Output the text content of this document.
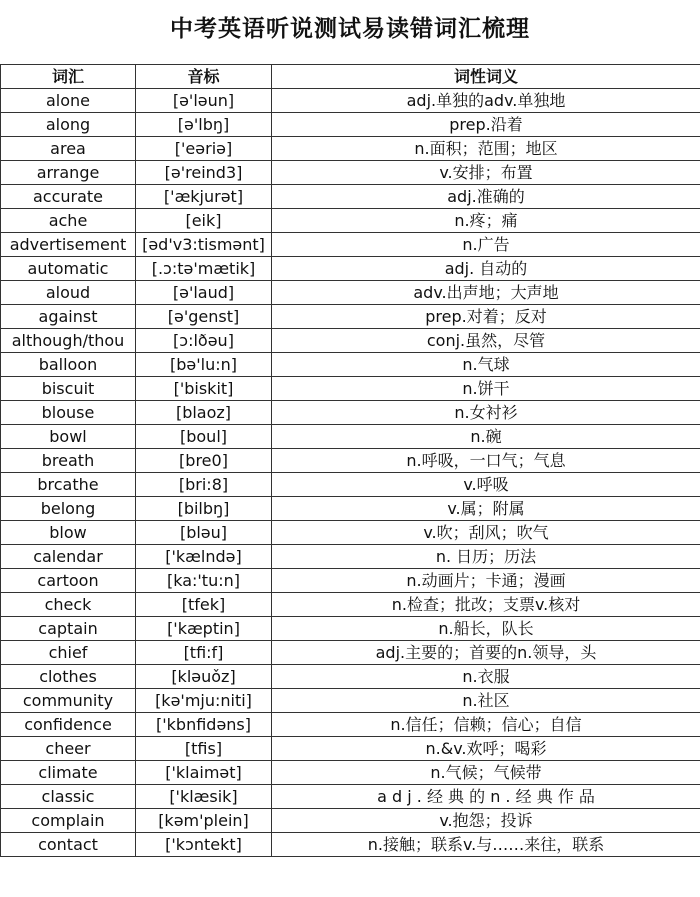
中考英语听说测试易读错词汇梳理
词汇	音标	词性词义
alone	[ə'ləun]	adj.单独的adv.单独地
along	[ə'lbŋ]	prep.沿着
area	['eəriə]	n.面积；范围；地区
arrange	[ə'reind3]	v.安排；布置
accurate	['ækjurət]	adj.准确的
ache	[eik]	n.疼；痛
advertisement	[əd'v3:tismənt]	n.广告
automatic	[.ɔ:tə'mætik]	adj. 自动的
aloud	[ə'laud]	adv.出声地；大声地
against	[ə'genst]	prep.对着；反对
although/thou	[ɔ:lðəu]	conj.虽然，尽管
balloon	[bə'lu:n]	n.气球
biscuit	['biskit]	n.饼干
blouse	[blaoz]	n.女衬衫
bowl	[boul]	n.碗
breath	[bre0]	n.呼吸，一口气；气息
brcathe	[bri:8]	v.呼吸
belong	[bilbŋ]	v.属；附属
blow	[bləu]	v.吹；刮风；吹气
calendar	['kælndə]	n. 日历；历法
cartoon	[ka:'tu:n]	n.动画片；卡通；漫画
check	[tfek]	n.检查；批改；支票v.核对
captain	['kæptin]	n.船长，队长
chief	[tfi:f]	adj.主要的；首要的n.领导，头
clothes	[kləuǒz]	n.衣服
community	[kə'mju:niti]	n.社区
confidence	['kbnfidəns]	n.信任；信赖；信心；自信
cheer	[tfis]	n.&v.欢呼；喝彩
climate	['klaimət]	n.气候；气候带
classic	['klæsik]	a d j . 经 典 的 n . 经 典 作 品
complain	[kəm'plein]	v.抱怨；投诉
contact	['kɔntekt]	n.接触；联系v.与……来往，联系
